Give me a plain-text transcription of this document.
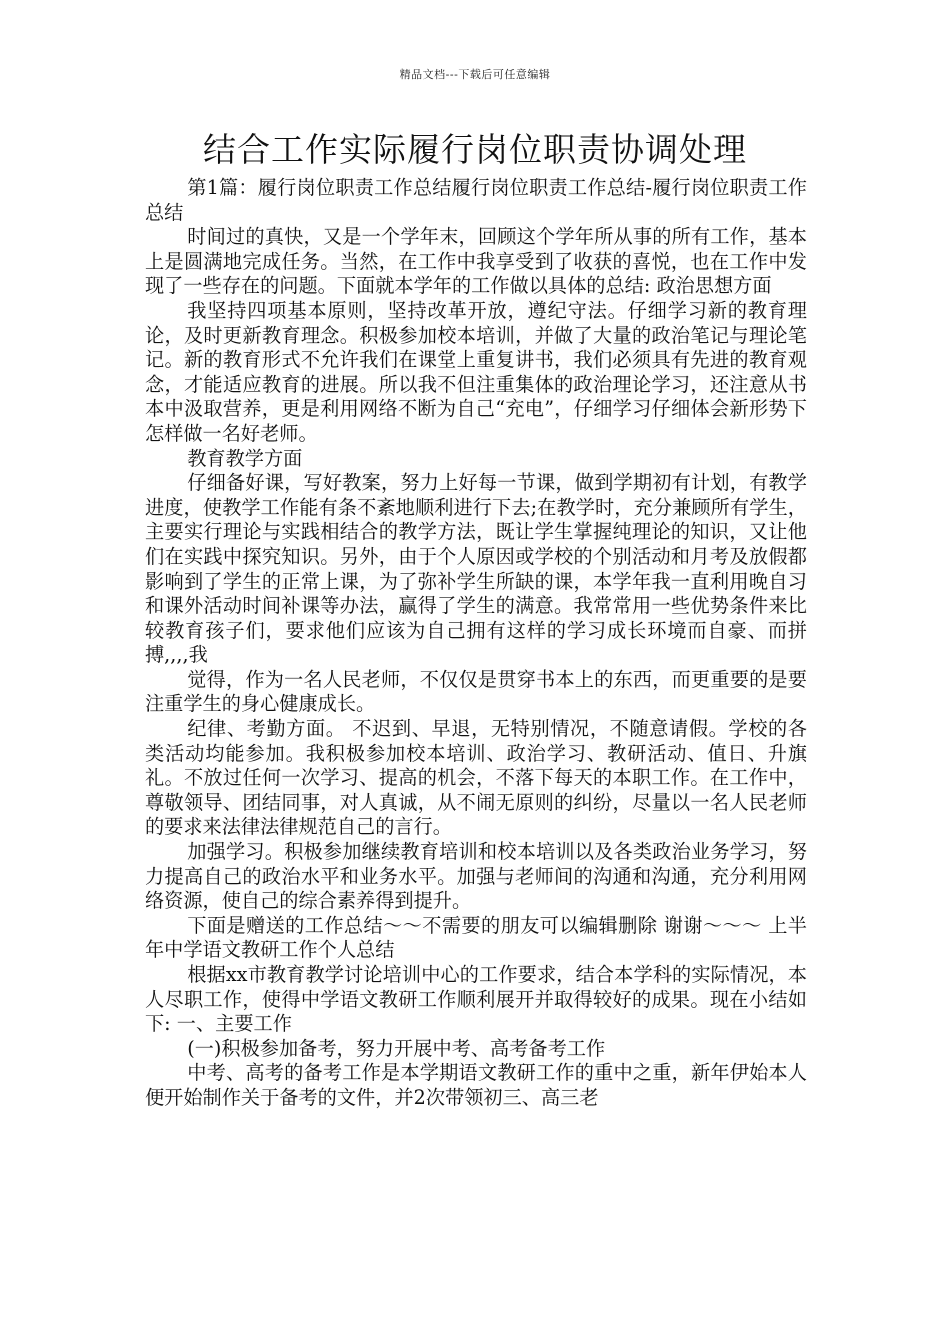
精品文档---下载后可任意编辑
结合工作实际履行岗位职责协调处理

第1篇：履行岗位职责工作总结履行岗位职责工作总结-履行岗位职责工作总结

时间过的真快，又是一个学年末，回顾这个学年所从事的所有工作，基本上是圆满地完成任务。当然，在工作中我享受到了收获的喜悦，也在工作中发现了一些存在的问题。下面就本学年的工作做以具体的总结: 政治思想方面

我坚持四项基本原则，坚持改革开放，遵纪守法。仔细学习新的教育理论，及时更新教育理念。积极参加校本培训，并做了大量的政治笔记与理论笔记。新的教育形式不允许我们在课堂上重复讲书，我们必须具有先进的教育观念，才能适应教育的进展。所以我不但注重集体的政治理论学习，还注意从书本中汲取营养，更是利用网络不断为自己“充电”，仔细学习仔细体会新形势下怎样做一名好老师。

教育教学方面

仔细备好课，写好教案，努力上好每一节课，做到学期初有计划，有教学进度，使教学工作能有条不紊地顺利进行下去;在教学时，充分兼顾所有学生，主要实行理论与实践相结合的教学方法，既让学生掌握纯理论的知识，又让他们在实践中探究知识。另外，由于个人原因或学校的个别活动和月考及放假都影响到了学生的正常上课，为了弥补学生所缺的课，本学年我一直利用晚自习和课外活动时间补课等办法，赢得了学生的满意。我常常用一些优势条件来比较教育孩子们，要求他们应该为自己拥有这样的学习成长环境而自豪、而拼搏,,,,我

觉得，作为一名人民老师，不仅仅是贯穿书本上的东西，而更重要的是要注重学生的身心健康成长。

纪律、考勤方面。 不迟到、早退，无特别情况，不随意请假。学校的各类活动均能参加。我积极参加校本培训、政治学习、教研活动、值日、升旗礼。不放过任何一次学习、提高的机会，不落下每天的本职工作。在工作中，尊敬领导、团结同事，对人真诚，从不闹无原则的纠纷，尽量以一名人民老师的要求来法律法律规范自己的言行。

加强学习。积极参加继续教育培训和校本培训以及各类政治业务学习，努力提高自己的政治水平和业务水平。加强与老师间的沟通和沟通，充分利用网络资源，使自己的综合素养得到提升。

下面是赠送的工作总结～～不需要的朋友可以编辑删除 谢谢～～～ 上半年中学语文教研工作个人总结

根据xx市教育教学讨论培训中心的工作要求，结合本学科的实际情况，本人尽职工作，使得中学语文教研工作顺利展开并取得较好的成果。现在小结如下: 一、主要工作

(一)积极参加备考，努力开展中考、高考备考工作

中考、高考的备考工作是本学期语文教研工作的重中之重，新年伊始本人便开始制作关于备考的文件，并2次带领初三、高三老
